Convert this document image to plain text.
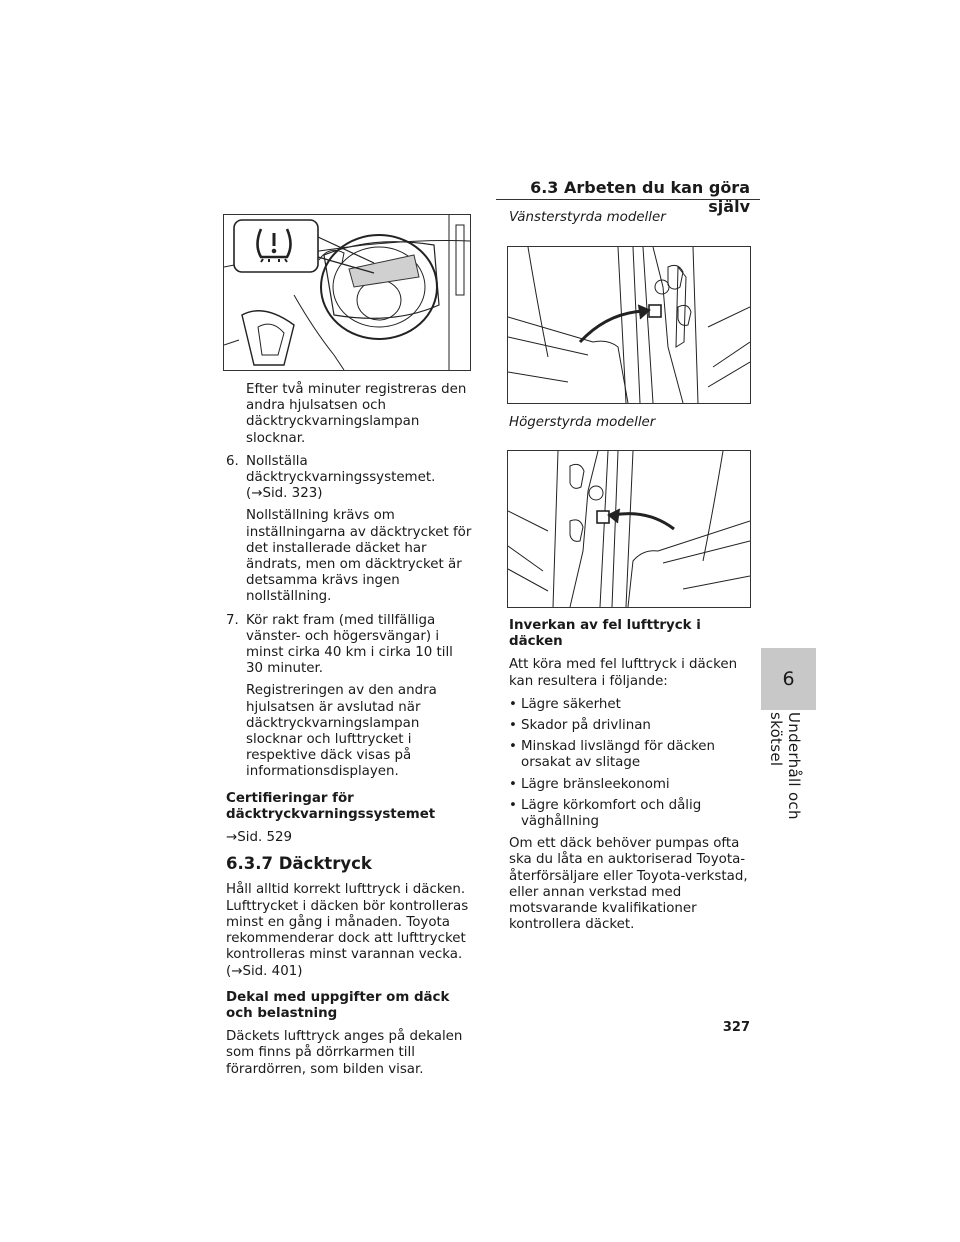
6.3 Arbeten du kan göra själv
6
Underhåll och skötsel

Efter två minuter registreras den andra hjulsatsen och däcktryckvarningslampan slocknar.

6. Nollställa däcktryckvarningssystemet.
(→Sid. 323)
Nollställning krävs om inställningarna av däcktrycket för det installerade däcket har ändrats, men om däcktrycket är detsamma krävs ingen nollställning.
7. Kör rakt fram (med tillfälliga vänster- och högersvängar) i minst cirka 40 km i cirka 10 till 30 minuter.
Registreringen av den andra hjulsatsen är avslutad när däcktryckvarningslampan slocknar och lufttrycket i respektive däck visas på informationsdisplayen.

Certifieringar för däcktryckvarningssystemet

→Sid. 529

6.3.7 Däcktryck

Håll alltid korrekt lufttryck i däcken. Lufttrycket i däcken bör kontrolleras minst en gång i månaden. Toyota rekommenderar dock att lufttrycket kontrolleras minst varannan vecka. (→Sid. 401)

Dekal med uppgifter om däck och belastning

Däckets lufttryck anges på dekalen som finns på dörrkarmen till förardörren, som bilden visar.

Vänsterstyrda modeller
Högerstyrda modeller

Inverkan av fel lufttryck i däcken

Att köra med fel lufttryck i däcken kan resultera i följande:

• Lägre säkerhet
• Skador på drivlinan
• Minskad livslängd för däcken orsakat av slitage
• Lägre bränsleekonomi
• Lägre körkomfort och dålig väghållning

Om ett däck behöver pumpas ofta ska du låta en auktoriserad Toyota-återförsäljare eller Toyota-verkstad, eller annan verkstad med motsvarande kvalifikationer kontrollera däcket.

327
